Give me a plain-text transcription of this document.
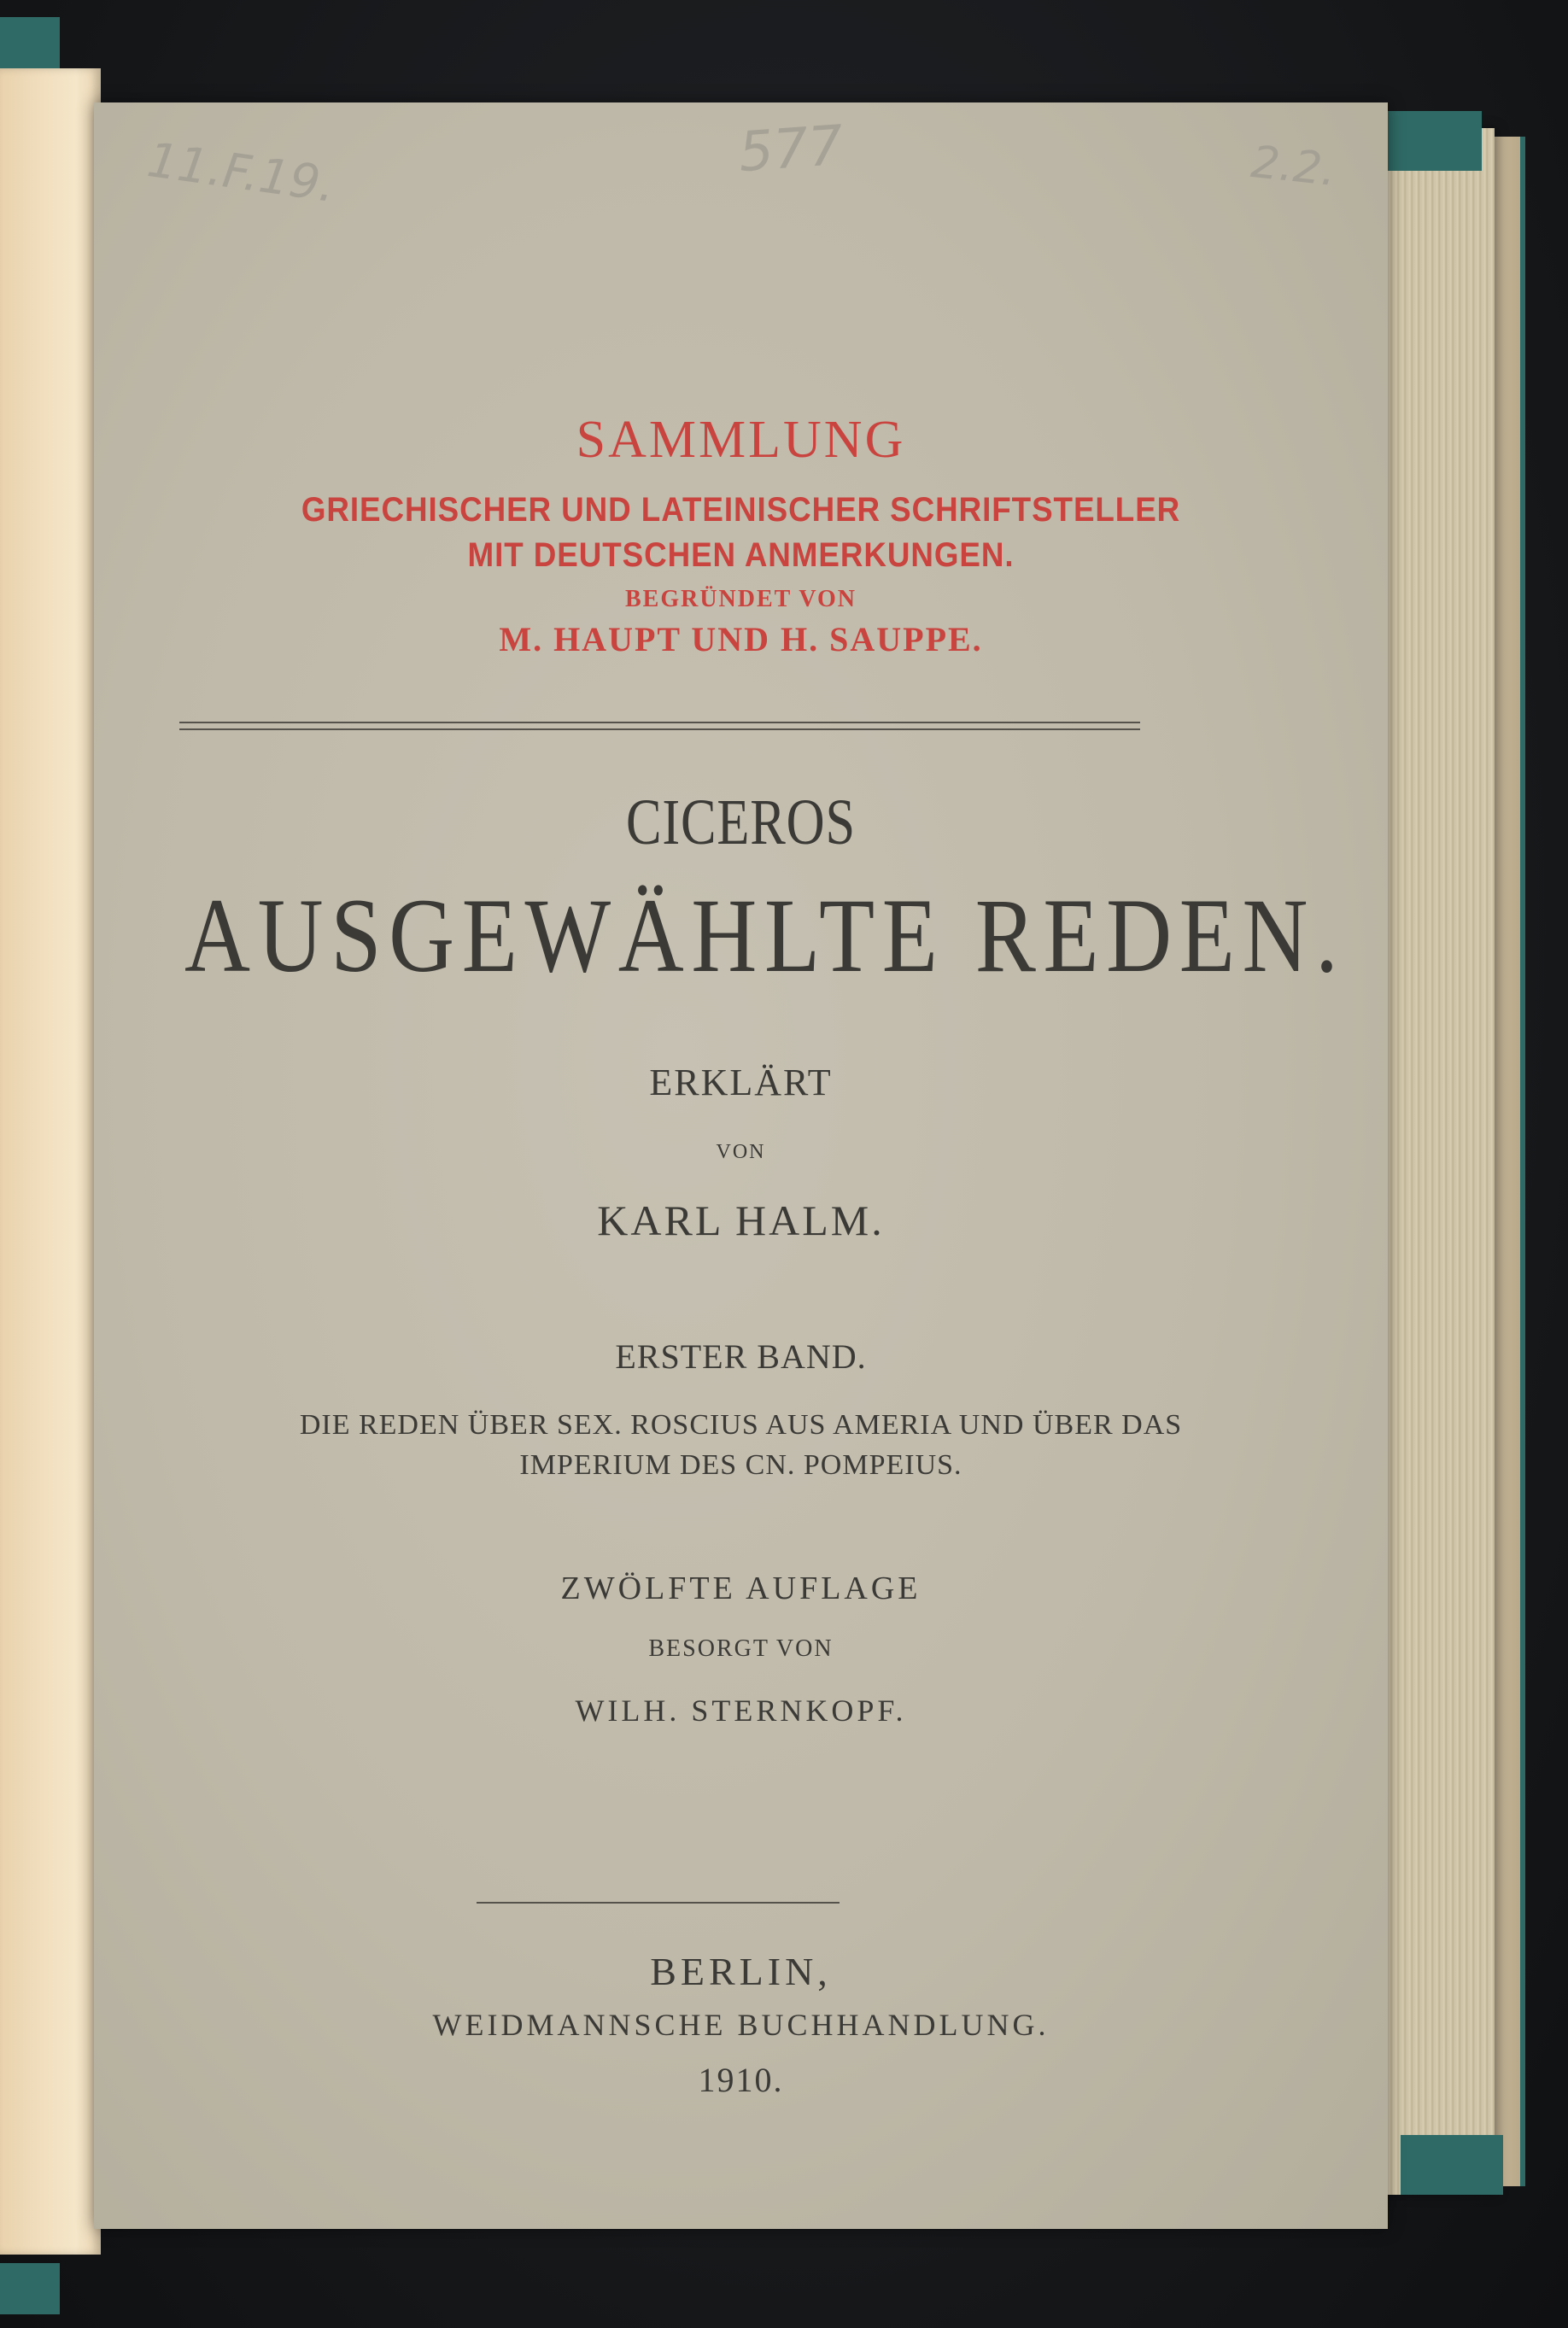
11.F.19.	577	2.2.
SAMMLUNG
GRIECHISCHER UND LATEINISCHER SCHRIFTSTELLER
MIT DEUTSCHEN ANMERKUNGEN.
BEGRÜNDET VON
M. HAUPT UND H. SAUPPE.
CICEROS
AUSGEWÄHLTE REDEN.
ERKLÄRT
VON
KARL HALM.
ERSTER BAND.
DIE REDEN ÜBER SEX. ROSCIUS AUS AMERIA UND ÜBER DAS
IMPERIUM DES CN. POMPEIUS.
ZWÖLFTE AUFLAGE
BESORGT VON
WILH. STERNKOPF.
BERLIN,
WEIDMANNSCHE BUCHHANDLUNG.
1910.
